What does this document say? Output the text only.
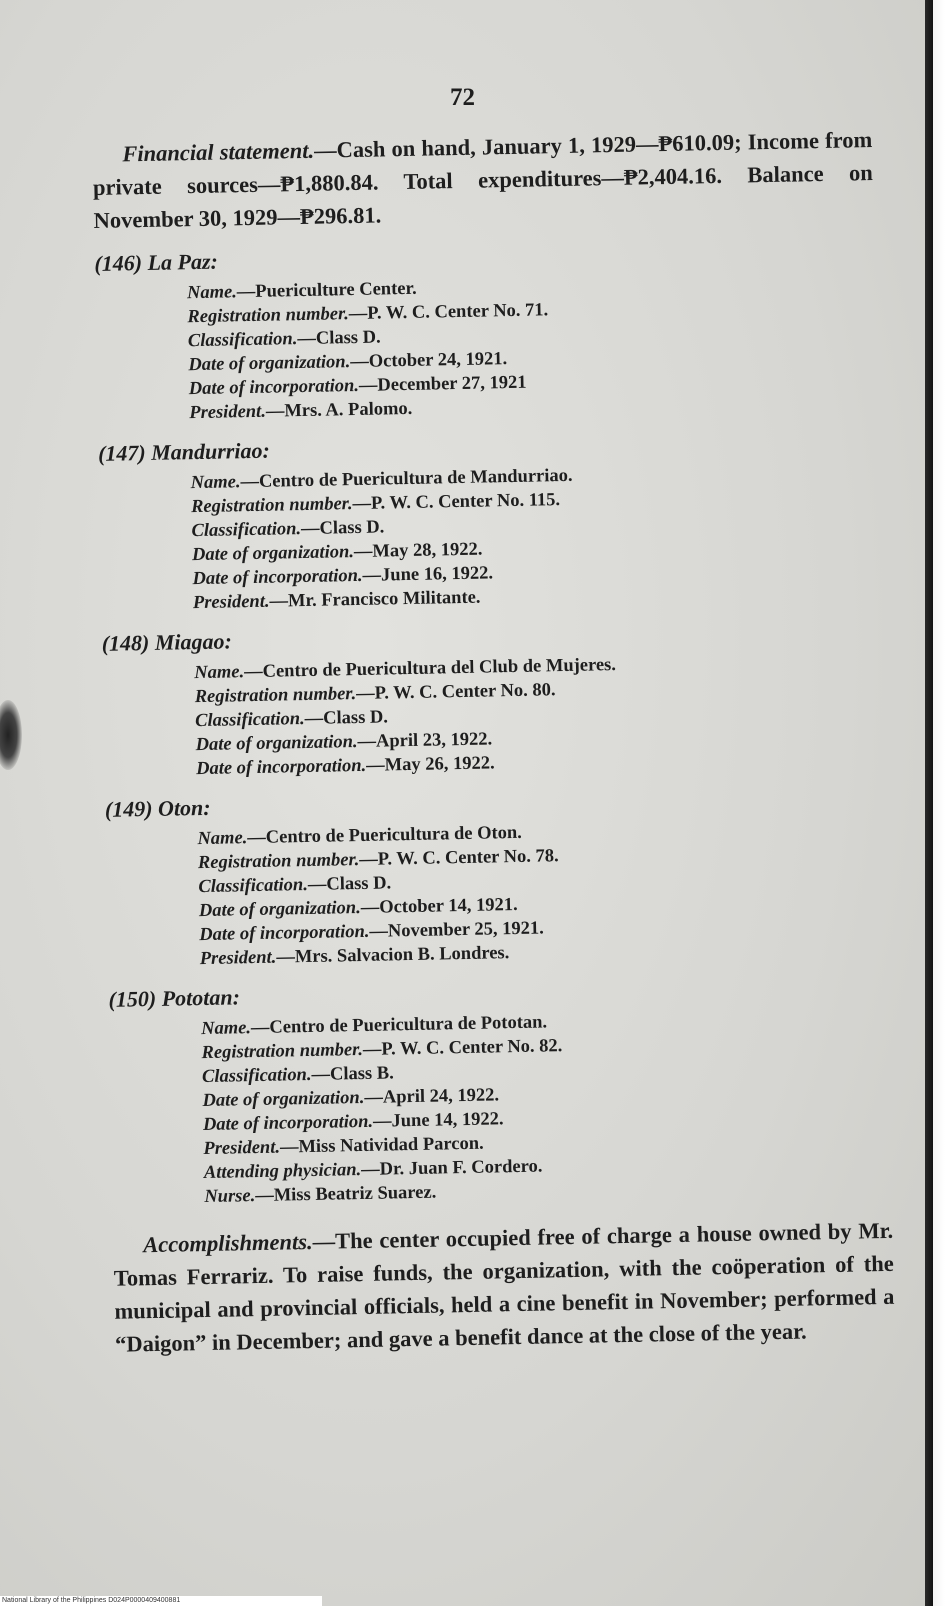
72

Financial statement.—Cash on hand, January 1, 1929—₱610.09; Income from private sources—₱1,880.84. Total expenditures—₱2,404.16. Balance on November 30, 1929—₱296.81.

(146) La Paz:

Name.—Puericulture Center.

Registration number.—P. W. C. Center No. 71.

Classification.—Class D.

Date of organization.—October 24, 1921.

Date of incorporation.—December 27, 1921

President.—Mrs. A. Palomo.

(147) Mandurriao:

Name.—Centro de Puericultura de Mandurriao.

Registration number.—P. W. C. Center No. 115.

Classification.—Class D.

Date of organization.—May 28, 1922.

Date of incorporation.—June 16, 1922.

President.—Mr. Francisco Militante.

(148) Miagao:

Name.—Centro de Puericultura del Club de Mujeres.

Registration number.—P. W. C. Center No. 80.

Classification.—Class D.

Date of organization.—April 23, 1922.

Date of incorporation.—May 26, 1922.

(149) Oton:

Name.—Centro de Puericultura de Oton.

Registration number.—P. W. C. Center No. 78.

Classification.—Class D.

Date of organization.—October 14, 1921.

Date of incorporation.—November 25, 1921.

President.—Mrs. Salvacion B. Londres.

(150) Pototan:

Name.—Centro de Puericultura de Pototan.

Registration number.—P. W. C. Center No. 82.

Classification.—Class B.

Date of organization.—April 24, 1922.

Date of incorporation.—June 14, 1922.

President.—Miss Natividad Parcon.

Attending physician.—Dr. Juan F. Cordero.

Nurse.—Miss Beatriz Suarez.

Accomplishments.—The center occupied free of charge a house owned by Mr. Tomas Ferrariz. To raise funds, the organization, with the coöperation of the municipal and provincial officials, held a cine benefit in November; performed a “Daigon” in December; and gave a benefit dance at the close of the year.

National Library of the Philippines D024P0000409400881
